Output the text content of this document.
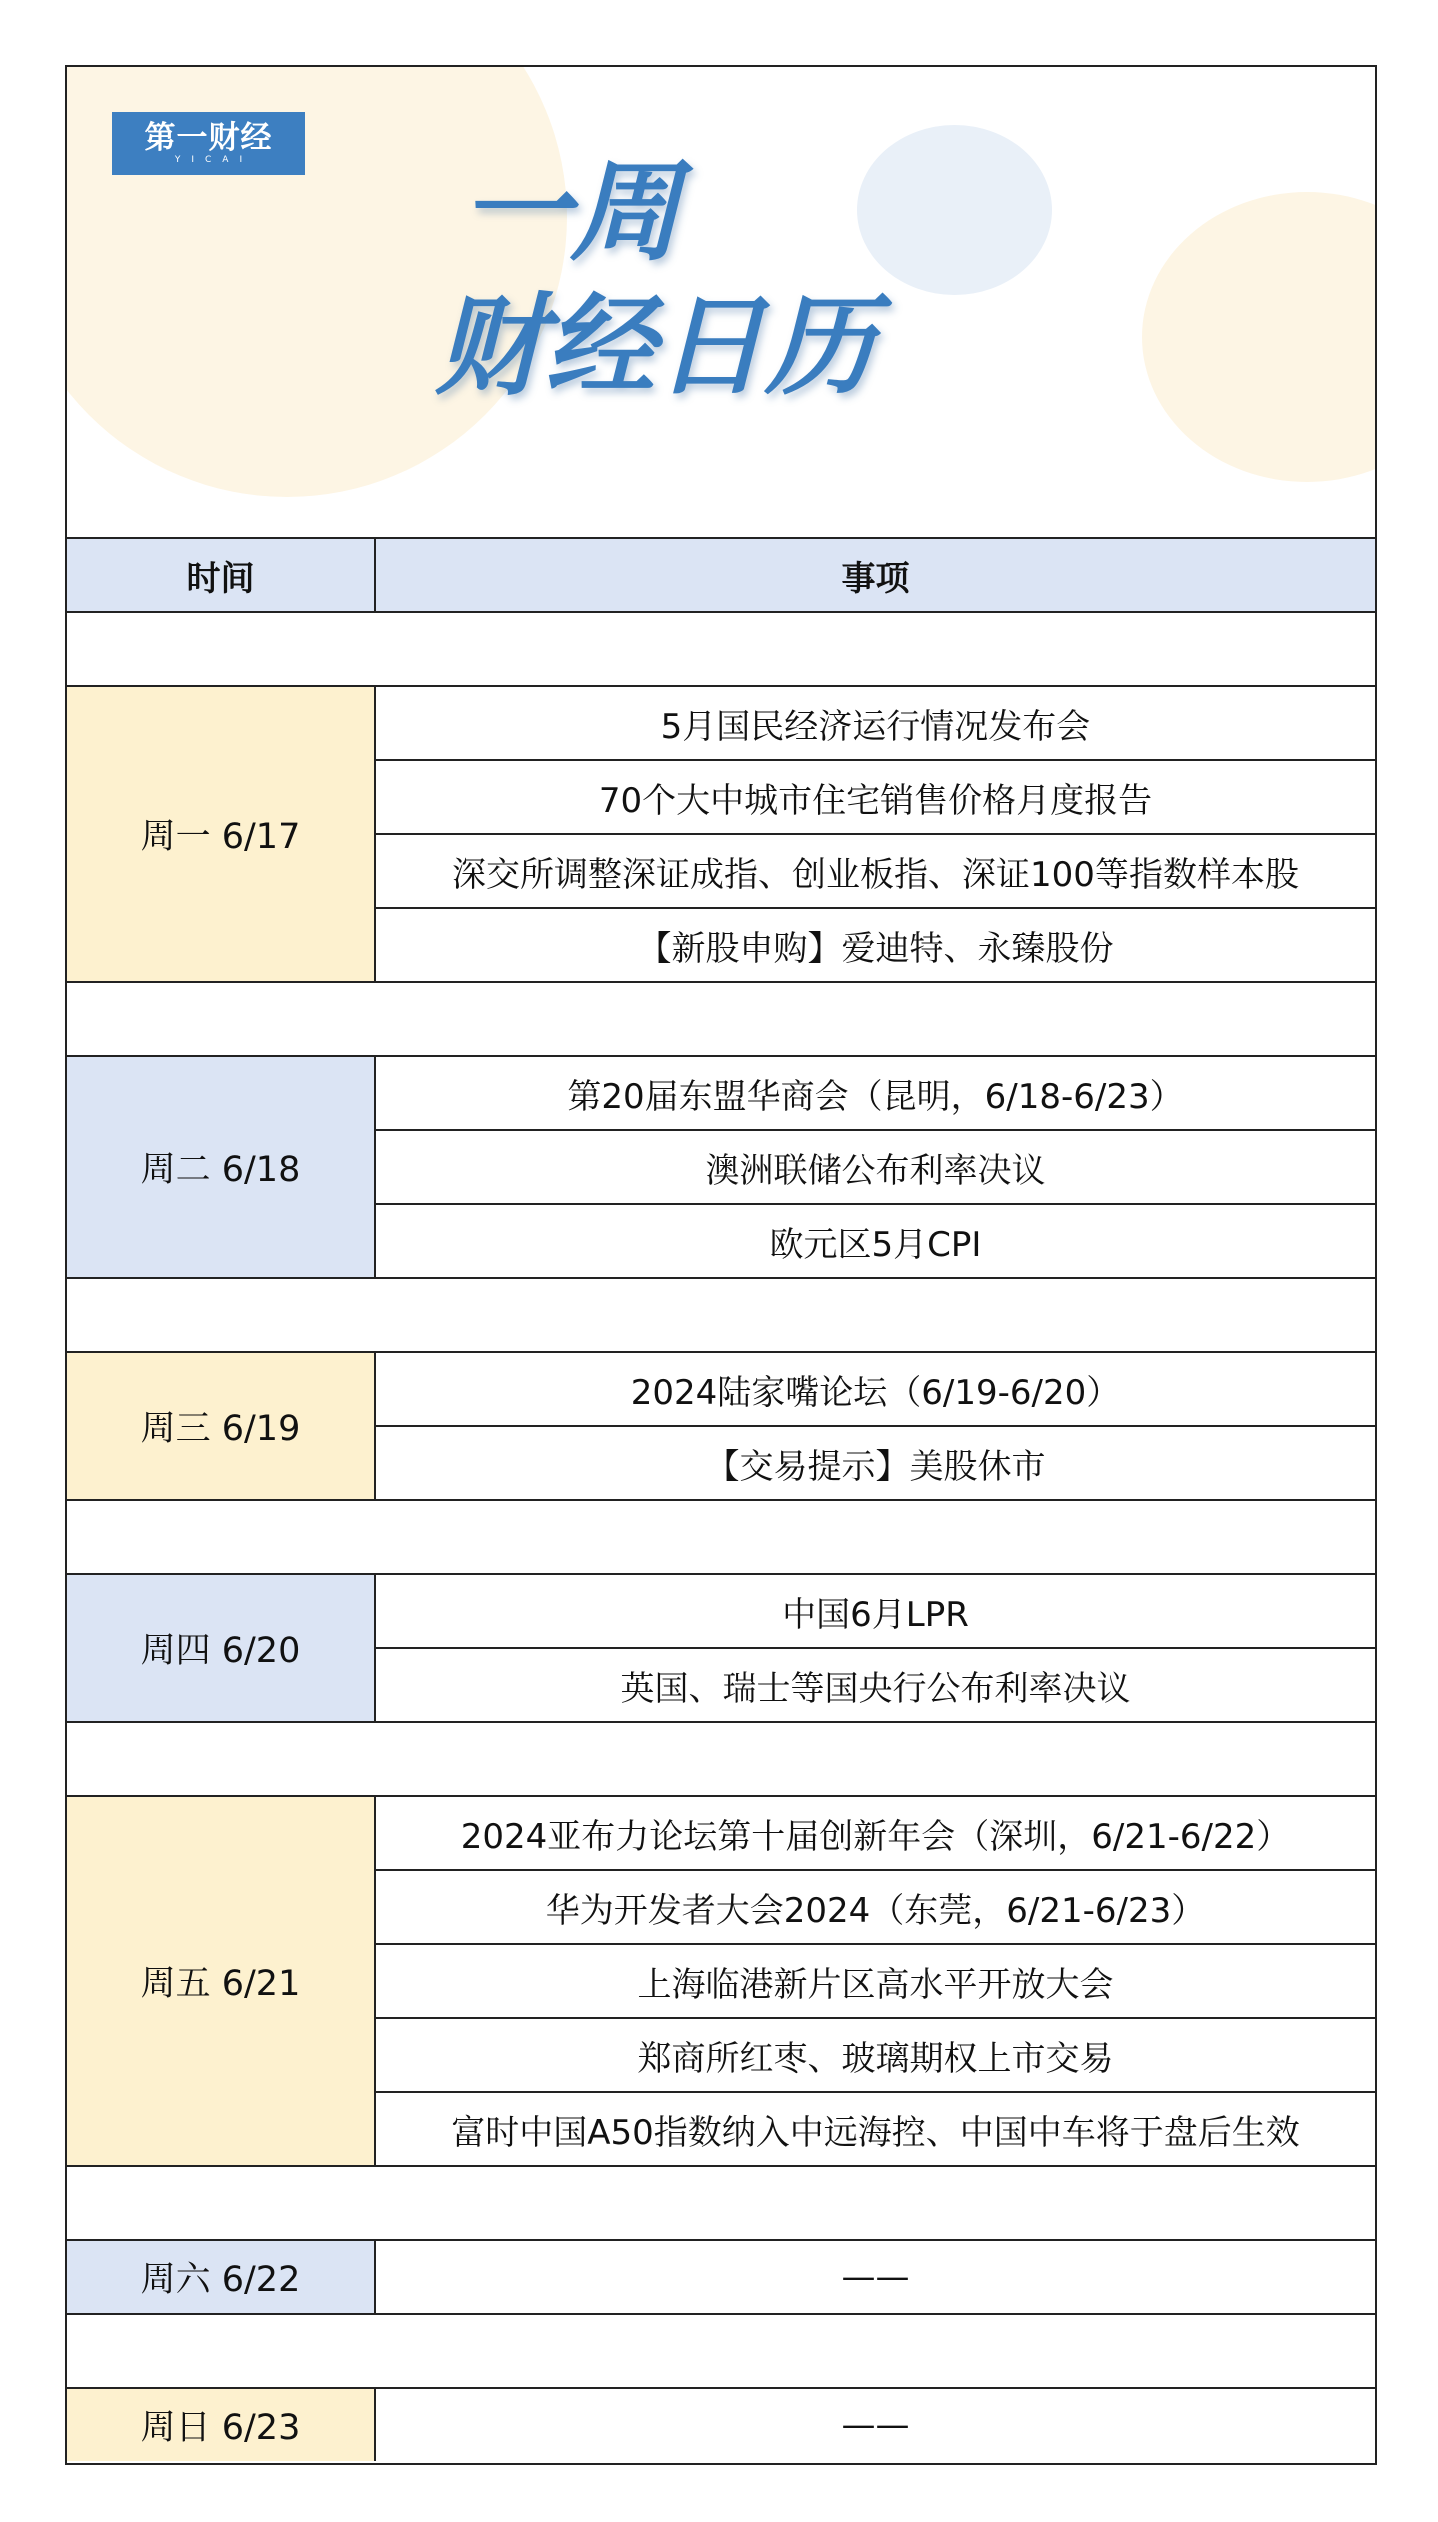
第一财经
YICAI 一周
财经日历
时间	事项

周一 6/17	5月国民经济运行情况发布会
	70个大中城市住宅销售价格月度报告
	深交所调整深证成指、创业板指、深证100等指数样本股
	【新股申购】爱迪特、永臻股份

周二 6/18	第20届东盟华商会（昆明，6/18-6/23）
	澳洲联储公布利率决议
	欧元区5月CPI

周三 6/19	2024陆家嘴论坛（6/19-6/20）
	【交易提示】美股休市

周四 6/20	中国6月LPR
	英国、瑞士等国央行公布利率决议

周五 6/21	2024亚布力论坛第十届创新年会（深圳，6/21-6/22）
	华为开发者大会2024（东莞，6/21-6/23）
	上海临港新片区高水平开放大会
	郑商所红枣、玻璃期权上市交易
	富时中国A50指数纳入中远海控、中国中车将于盘后生效

周六 6/22	——

周日 6/23	——
